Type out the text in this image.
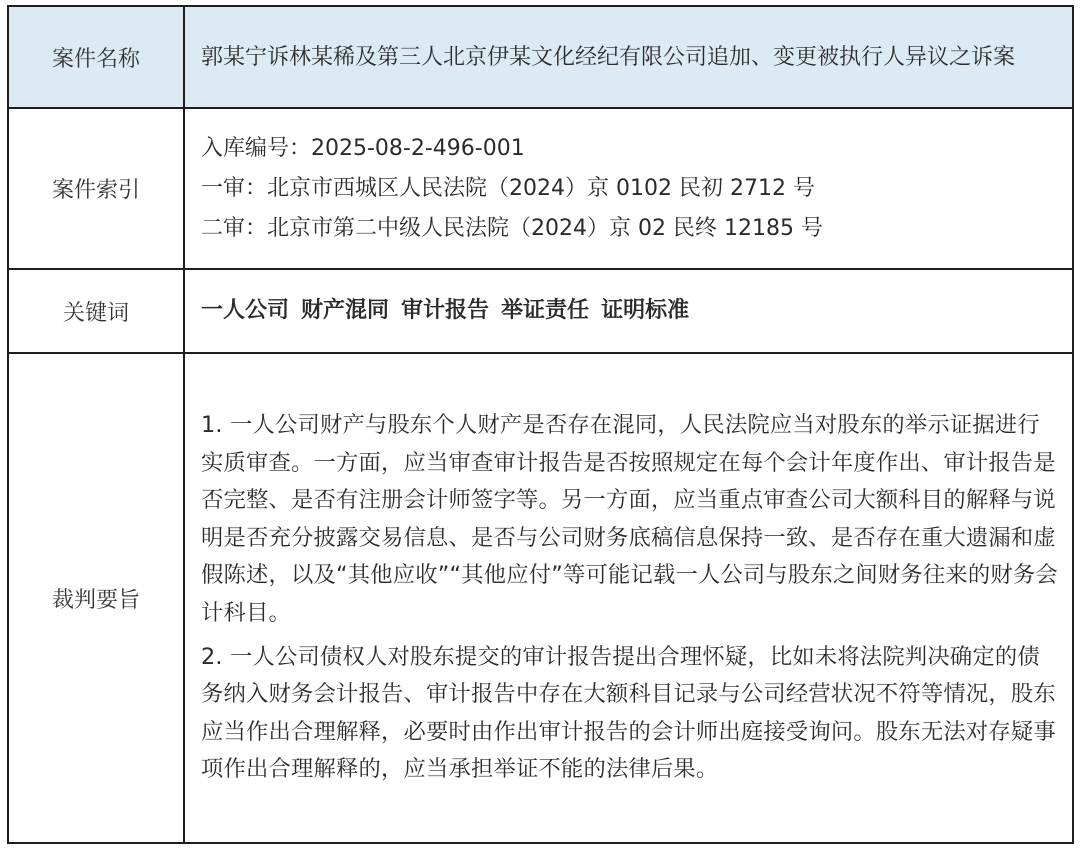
案件名称	郭某宁诉林某稀及第三人北京伊某文化经纪有限公司追加、变更被执行人异议之诉案
案件索引	入库编号：2025-08-2-496-001
一审：北京市西城区人民法院（2024）京 0102 民初 2712 号
二审：北京市第二中级人民法院（2024）京 02 民终 12185 号

关键词	一人公司 财产混同 审计报告 举证责任 证明标准
裁判要旨	1. 一人公司财产与股东个人财产是否存在混同，人民法院应当对股东的举示证据进行实质审查。一方面，应当审查审计报告是否按照规定在每个会计年度作出、审计报告是否完整、是否有注册会计师签字等。另一方面，应当重点审查公司大额科目的解释与说明是否充分披露交易信息、是否与公司财务底稿信息保持一致、是否存在重大遗漏和虚假陈述，以及“其他应收”“其他应付”等可能记载一人公司与股东之间财务往来的财务会计科目。

2. 一人公司债权人对股东提交的审计报告提出合理怀疑，比如未将法院判决确定的债务纳入财务会计报告、审计报告中存在大额科目记录与公司经营状况不符等情况，股东应当作出合理解释，必要时由作出审计报告的会计师出庭接受询问。股东无法对存疑事项作出合理解释的，应当承担举证不能的法律后果。
